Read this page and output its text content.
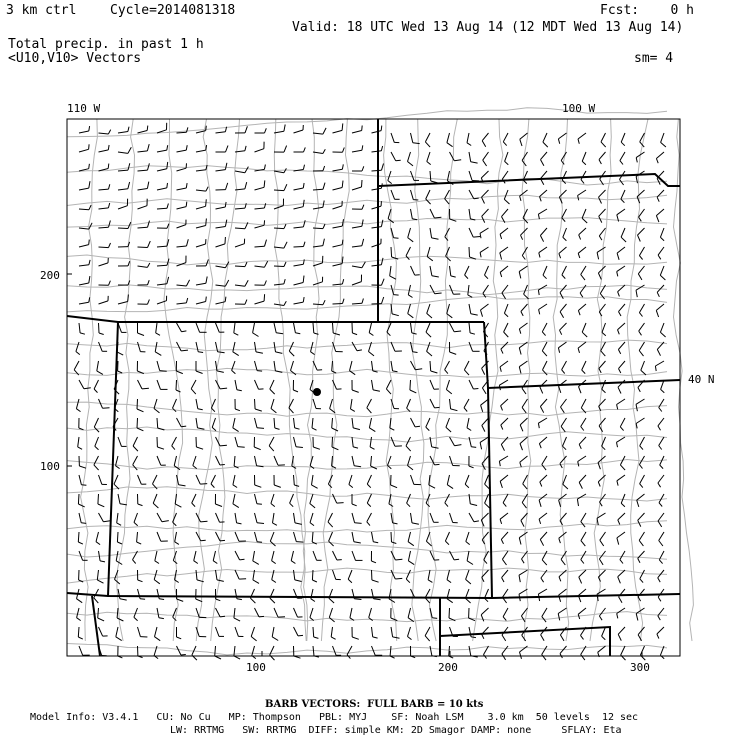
3 km ctrl	Cycle=2014081318	Fcst:    0 h
Valid: 18 UTC Wed 13 Aug 14 (12 MDT Wed 13 Aug 14)
Total precip. in past 1 h
<U10,V10> Vectors	sm= 4
110 W	100 W
40 N
200
100
100	200	300
BARB VECTORS:  FULL BARB = 10 kts
Model Info: V3.4.1   CU: No Cu   MP: Thompson   PBL: MYJ    SF: Noah LSM    3.0 km  50 levels  12 sec
LW: RRTMG   SW: RRTMG  DIFF: simple KM: 2D Smagor DAMP: none     SFLAY: Eta
